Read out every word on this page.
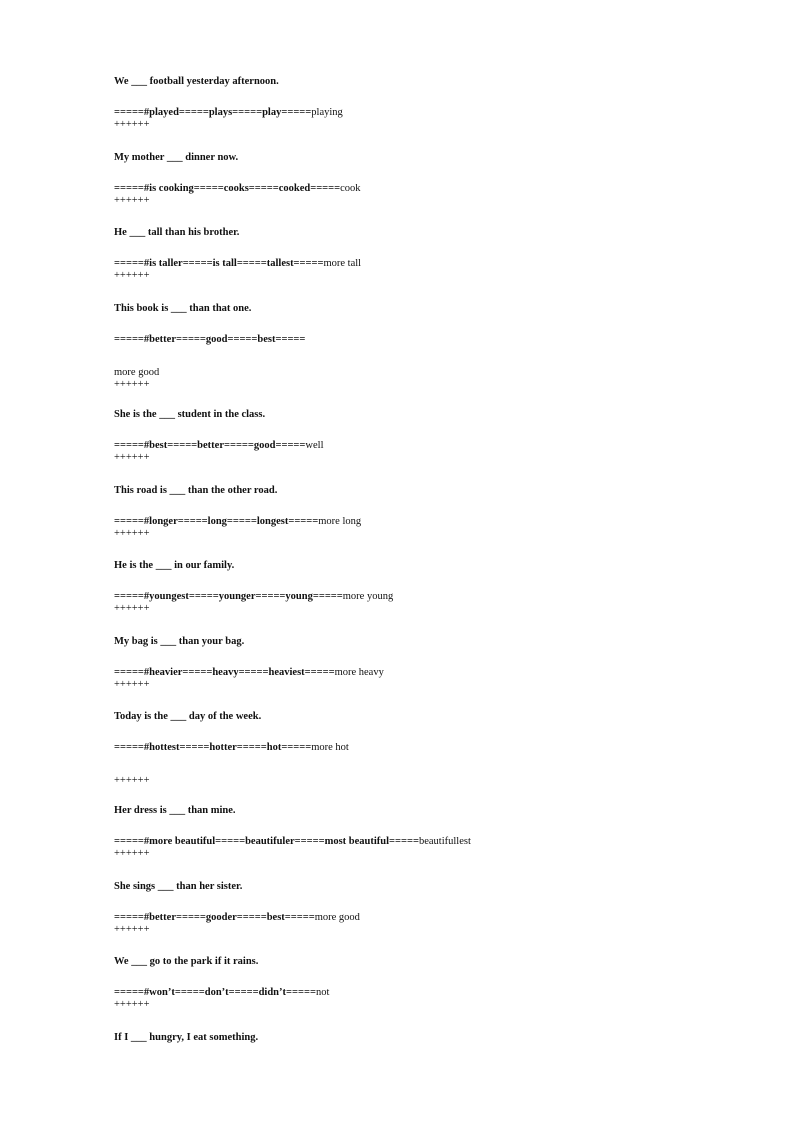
We ___ football yesterday afternoon.

=====#played=====plays=====play=====playing
++++++

My mother ___ dinner now.

=====#is cooking=====cooks=====cooked=====cook
++++++

He ___ tall than his brother.

=====#is taller=====is tall=====tallest=====more tall
++++++

This book is ___ than that one.

=====#better=====good=====best=====
more good
++++++

She is the ___ student in the class.

=====#best=====better=====good=====well
++++++

This road is ___ than the other road.

=====#longer=====long=====longest=====more long
++++++

He is the ___ in our family.

=====#youngest=====younger=====young=====more young
++++++

My bag is ___ than your bag.

=====#heavier=====heavy=====heaviest=====more heavy
++++++

Today is the ___ day of the week.

=====#hottest=====hotter=====hot=====more hot
++++++

Her dress is ___ than mine.

=====#more beautiful=====beautifuler=====most beautiful=====beautifullest
++++++

She sings ___ than her sister.

=====#better=====gooder=====best=====more good
++++++

We ___ go to the park if it rains.

=====#won’t=====don’t=====didn’t=====not
++++++

If I ___ hungry, I eat something.
